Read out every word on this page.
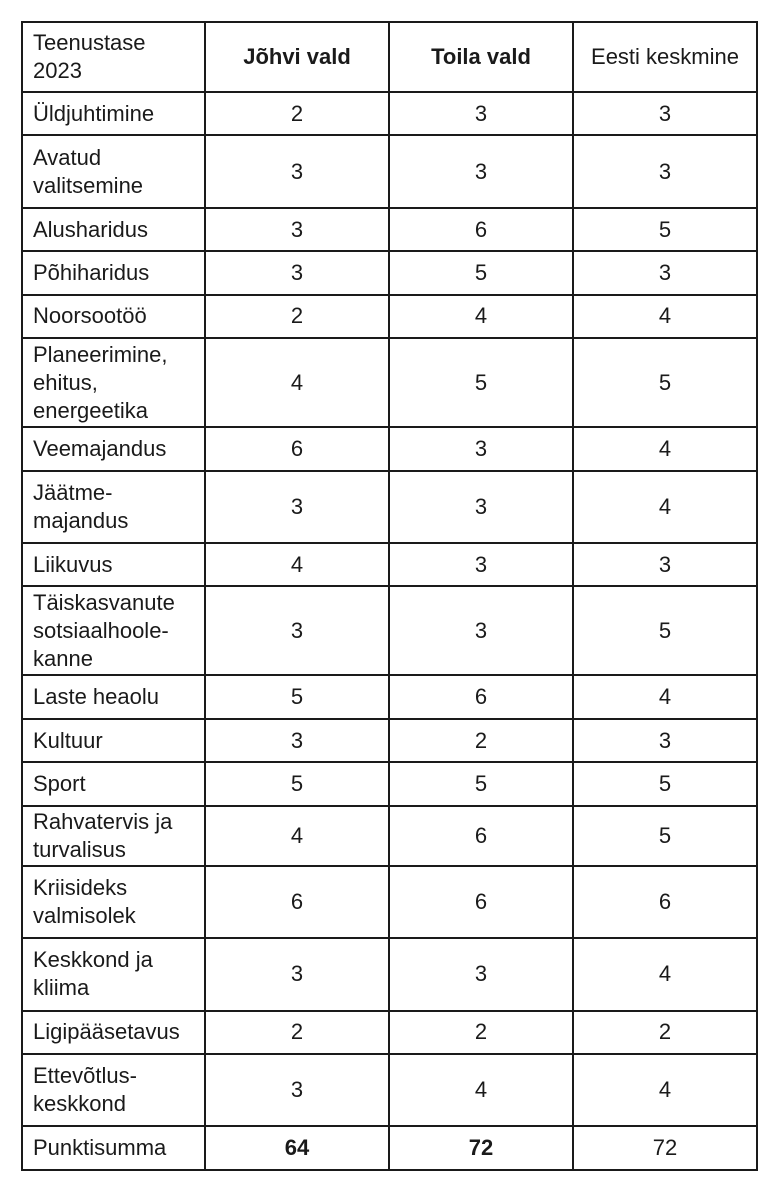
Teenustase 2023	Jõhvi vald	Toila vald	Eesti keskmine
Üldjuhtimine	2	3	3
Avatud valitsemine	3	3	3
Alusharidus	3	6	5
Põhiharidus	3	5	3
Noorsootöö	2	4	4
Planeerimine, ehitus, energeetika	4	5	5
Veemajandus	6	3	4
Jäätme-majandus	3	3	4
Liikuvus	4	3	3
Täiskasvanute sotsiaalhoole-kanne	3	3	5
Laste heaolu	5	6	4
Kultuur	3	2	3
Sport	5	5	5
Rahvatervis ja turvalisus	4	6	5
Kriisideks valmisolek	6	6	6
Keskkond ja kliima	3	3	4
Ligipääsetavus	2	2	2
Ettevõtlus-keskkond	3	4	4
Punktisumma	64	72	72
